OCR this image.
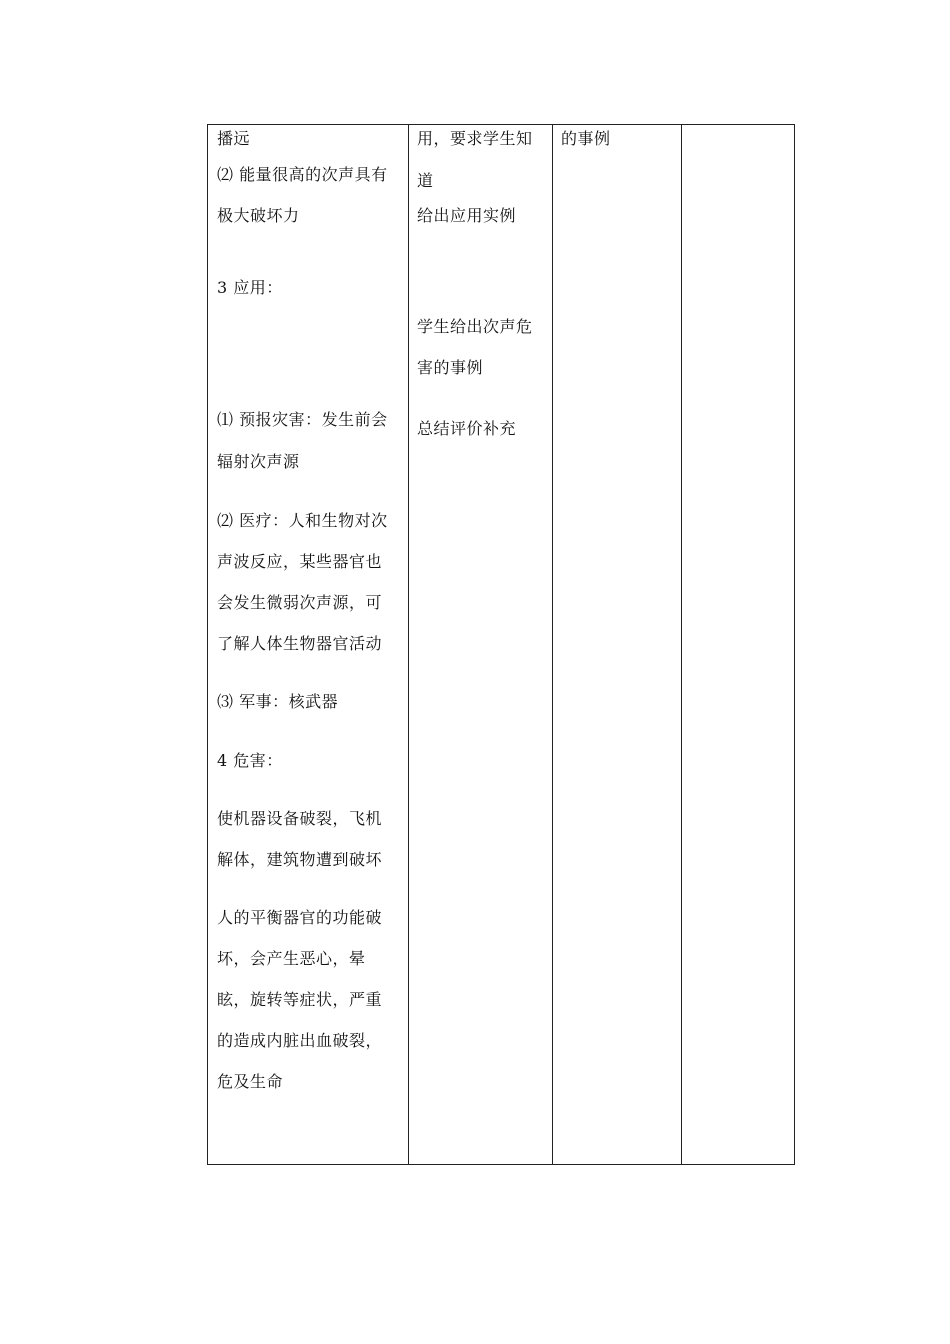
播远
⑵ 能量很高的次声具有
极大破坏力
3 应用：
⑴ 预报灾害：发生前会
辐射次声源
⑵ 医疗：人和生物对次
声波反应，某些器官也
会发生微弱次声源，可
了解人体生物器官活动
⑶ 军事：核武器
4 危害：
使机器设备破裂，飞机
解体，建筑物遭到破坏
人的平衡器官的功能破
坏，会产生恶心，晕
眩，旋转等症状，严重
的造成内脏出血破裂，
危及生命
用，要求学生知
道
给出应用实例
学生给出次声危
害的事例
总结评价补充
的事例
